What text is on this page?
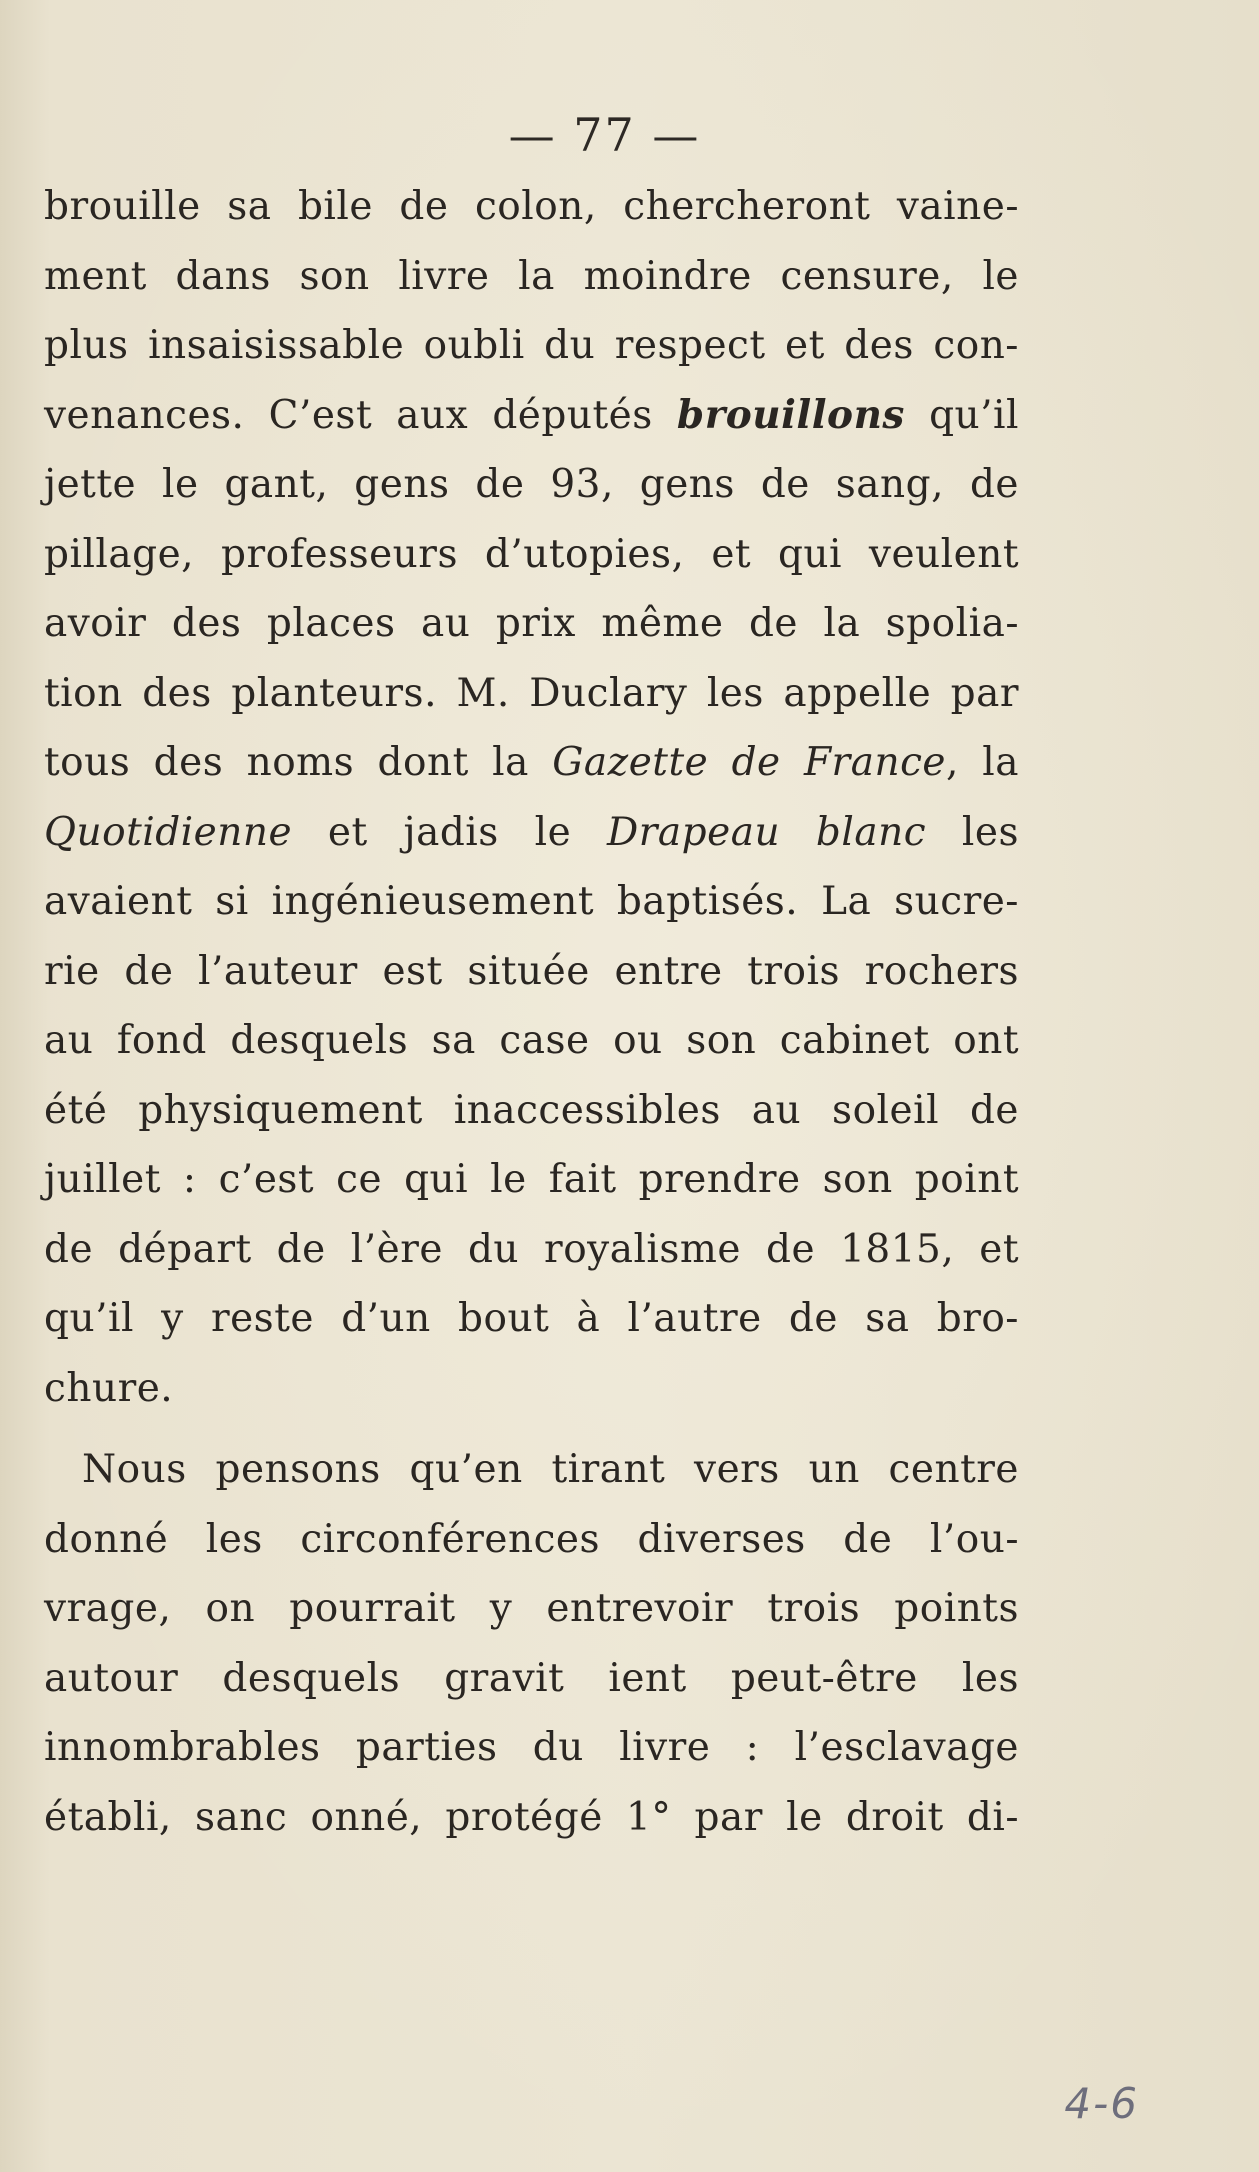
— 77 —
brouille sa bile de colon, chercheront vaine-
ment dans son livre la moindre censure, le
plus insaisissable oubli du respect et des con-
venances. C’est aux députés brouillons qu’il
jette le gant, gens de 93, gens de sang, de
pillage, professeurs d’utopies, et qui veulent
avoir des places au prix même de la spolia-
tion des planteurs. M. Duclary les appelle par
tous des noms dont la Gazette de France, la
Quotidienne et jadis le Drapeau blanc les
avaient si ingénieusement baptisés. La sucre-
rie de l’auteur est située entre trois rochers
au fond desquels sa case ou son cabinet ont
été physiquement inaccessibles au soleil de
juillet : c’est ce qui le fait prendre son point
de départ de l’ère du royalisme de 1815, et
qu’il y reste d’un bout à l’autre de sa bro-
chure.
Nous pensons qu’en tirant vers un centre
donné les circonférences diverses de l’ou-
vrage, on pourrait y entrevoir trois points
autour desquels gravit ient peut-être les
innombrables parties du livre : l’esclavage
établi, sanc onné, protégé 1° par le droit di-
4-6
